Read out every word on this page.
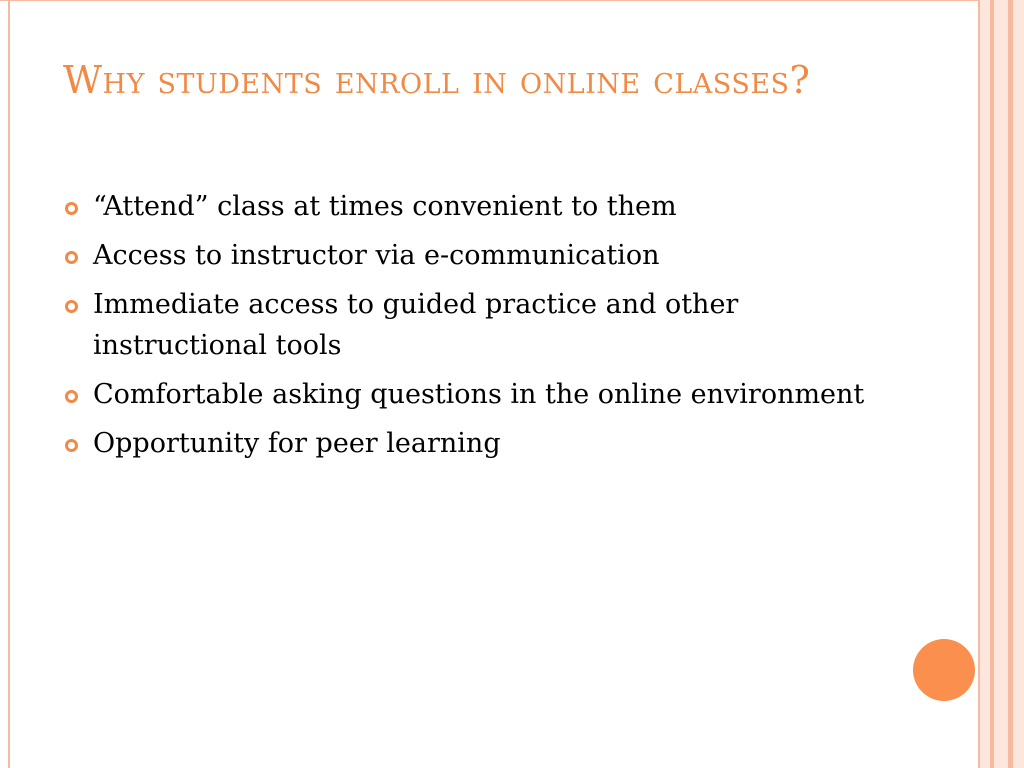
Why students enroll in online classes?
“Attend” class at times convenient to them
Access to instructor via e-communication
Immediate access to guided practice and other instructional tools
Comfortable asking questions in the online environment
Opportunity for peer learning
